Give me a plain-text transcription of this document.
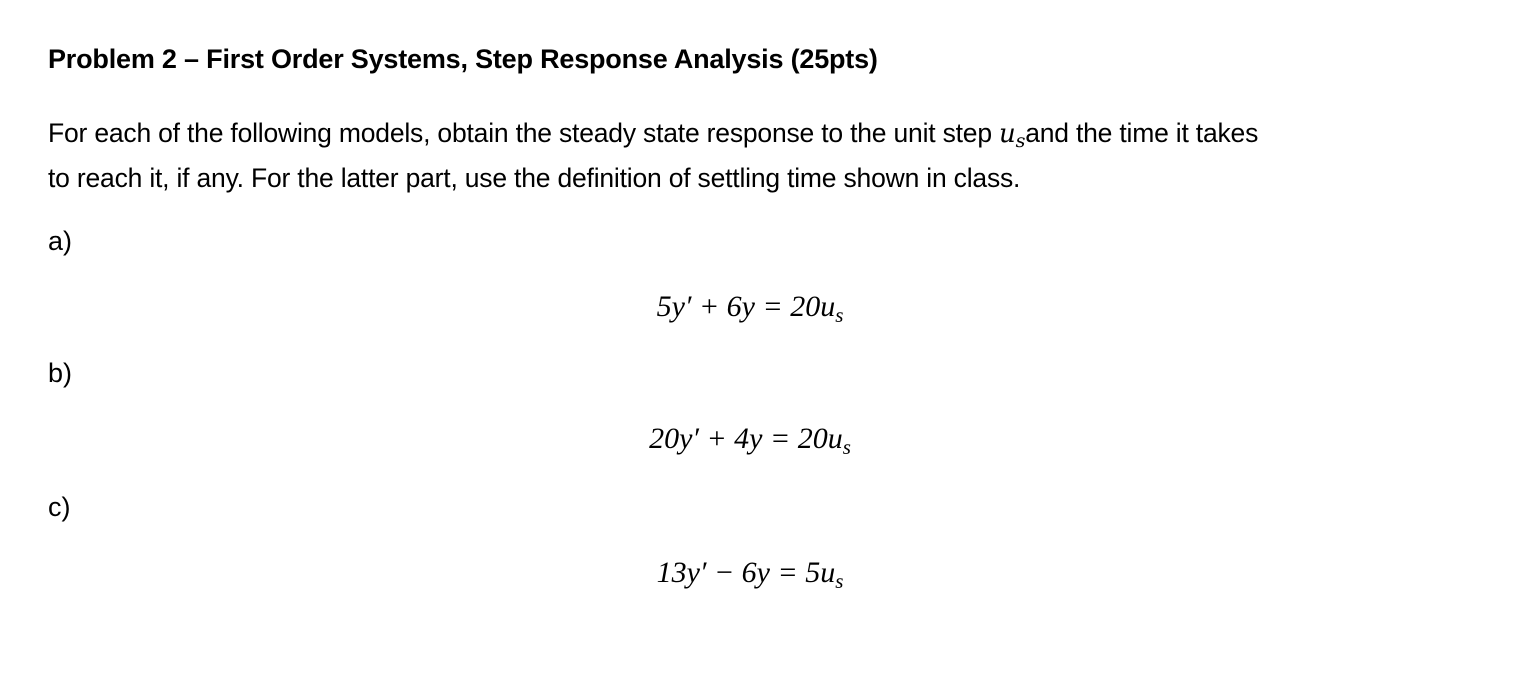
Problem 2 – First Order Systems, Step Response Analysis (25pts)
For each of the following models, obtain the steady state response to the unit step $u_sand$ the time it takes
to reach it, if any. For the latter part, use the definition of settling time shown in class.
a)
$5y' + 6y = 20u_s$
b)
$20y' + 4y = 20u_s$
c)
$13y' - 6y = 5u_s$
